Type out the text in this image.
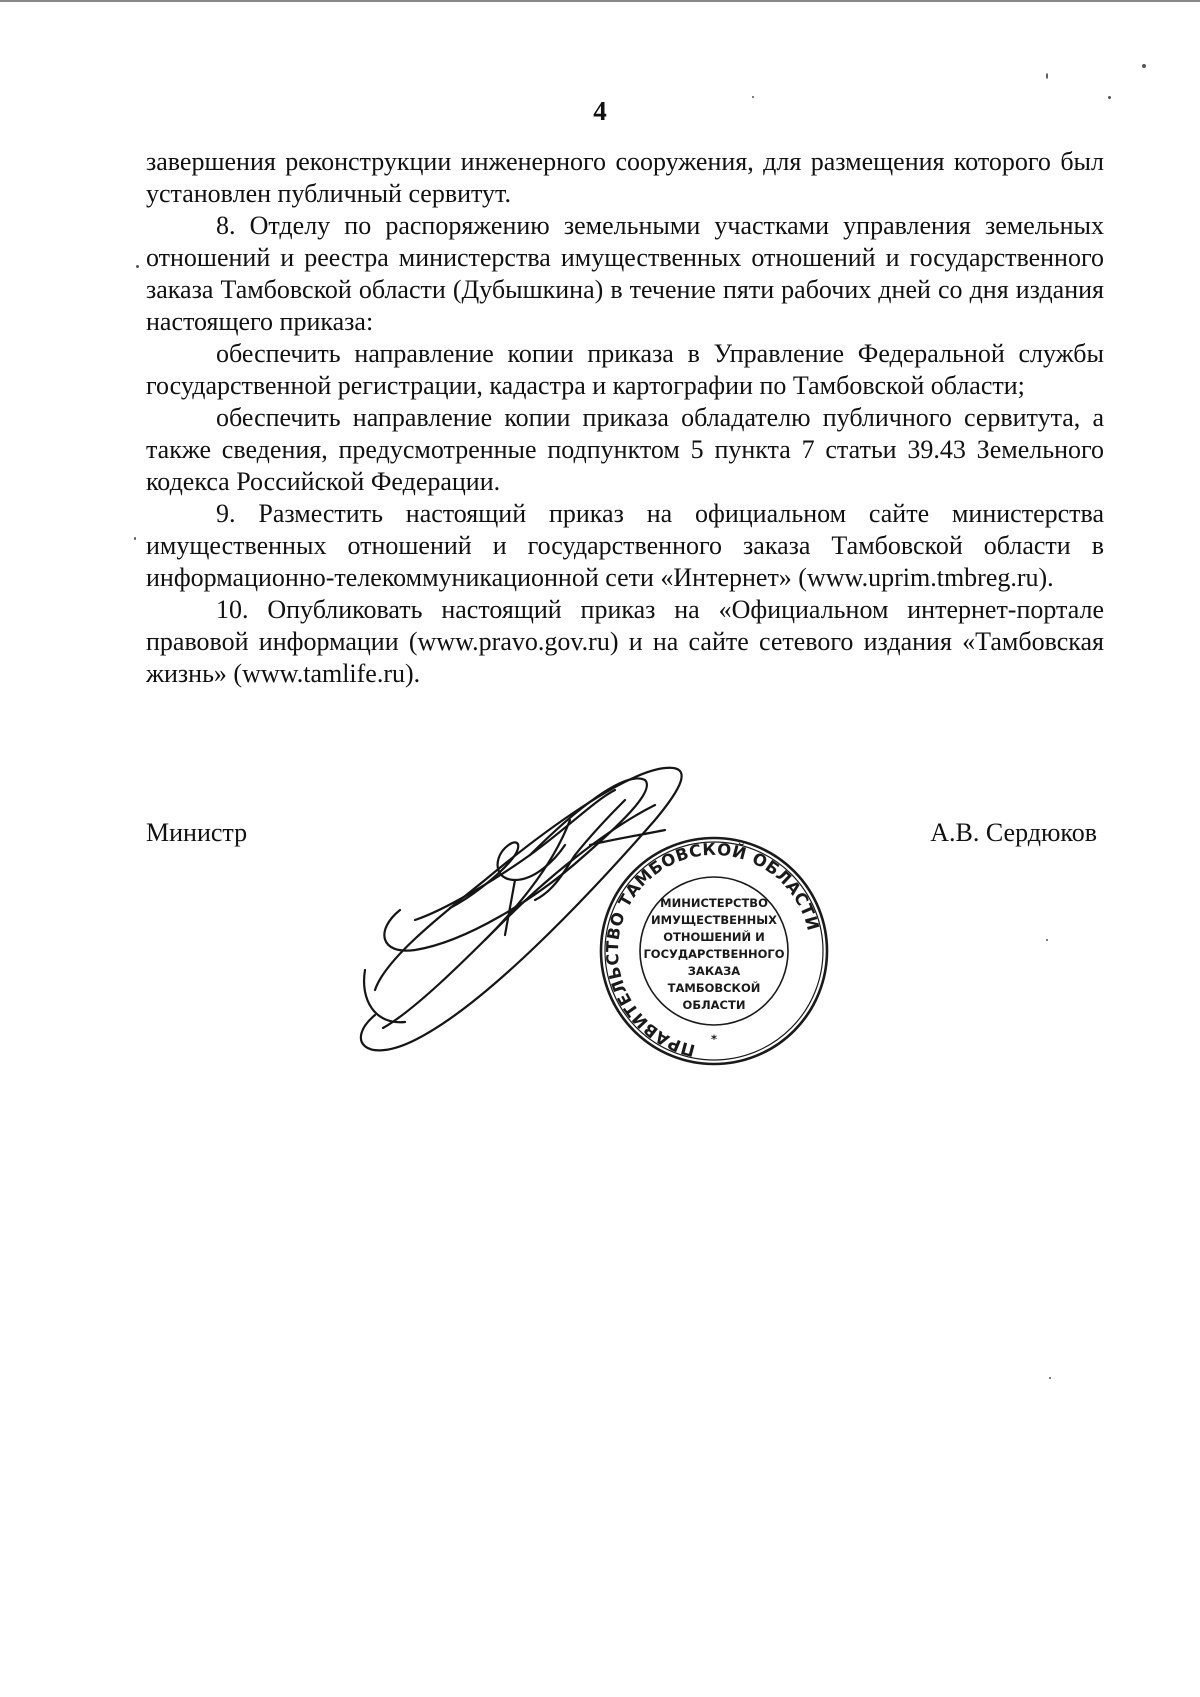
4

завершения реконструкции инженерного сооружения, для размещения которого был установлен публичный сервитут.

8. Отделу по распоряжению земельными участками управления земельных отношений и реестра министерства имущественных отношений и государственного заказа Тамбовской области (Дубышкина) в течение пяти рабочих дней со дня издания настоящего приказа:

обеспечить направление копии приказа в Управление Федеральной службы государственной регистрации, кадастра и картографии по Тамбовской области;

обеспечить направление копии приказа обладателю публичного сервитута, а также сведения, предусмотренные подпунктом 5 пункта 7 статьи 39.43 Земельного кодекса Российской Федерации.

9. Разместить настоящий приказ на официальном сайте министерства имущественных отношений и государственного заказа Тамбовской области в информационно-телекоммуникационной сети «Интернет» (www.uprim.tmbreg.ru).

10. Опубликовать настоящий приказ на «Официальном интернет-портале правовой информации (www.pravo.gov.ru) и на сайте сетевого издания «Тамбовская жизнь» (www.tamlife.ru).

Министр	А.В. Сердюков
ПРАВИТЕЛЬСТВО ТАМБОВСКОЙ ОБЛАСТИ
МИНИСТЕРСТВО
ИМУЩЕСТВЕННЫХ
ОТНОШЕНИЙ И
ГОСУДАРСТВЕННОГО
ЗАКАЗА
ТАМБОВСКОЙ
ОБЛАСТИ
*
